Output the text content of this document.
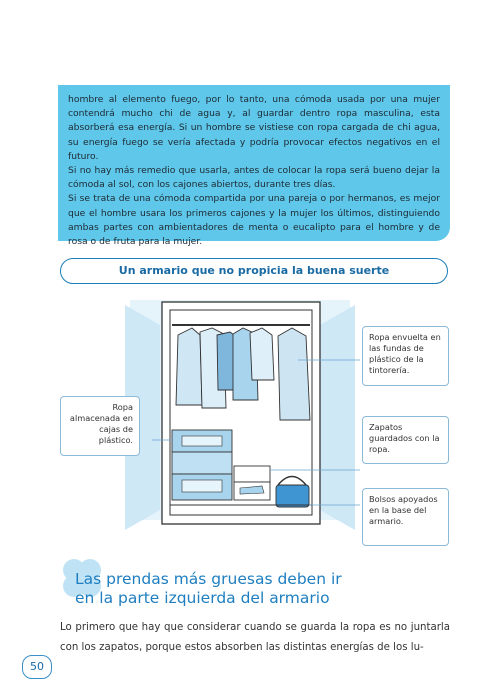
hombre al elemento fuego, por lo tanto, una cómoda usada por una mujer contendrá mucho chi de agua y, al guardar dentro ropa masculina, esta absorberá esa energía. Si un hombre se vistiese con ropa cargada de chi agua, su energía fuego se vería afectada y podría provocar efectos negativos en el futuro.

Si no hay más remedio que usarla, antes de colocar la ropa será bueno dejar la cómoda al sol, con los cajones abiertos, durante tres días.

Si se trata de una cómoda compartida por una pareja o por hermanos, es mejor que el hombre usara los primeros cajones y la mujer los últimos, distinguiendo ambas partes con ambientadores de menta o eucalipto para el hombre y de rosa o de fruta para la mujer.

Un armario que no propicia la buena suerte
Ropa almacenada en cajas de plástico.
Ropa envuelta en las fundas de plástico de la tintorería.
Zapatos guardados con la ropa.
Bolsos apoyados en la base del armario.
Las prendas más gruesas deben ir
en la parte izquierda del armario
Lo primero que hay que considerar cuando se guarda la ropa es no juntarla con los zapatos, porque estos absorben las distintas energías de los lu-
50
